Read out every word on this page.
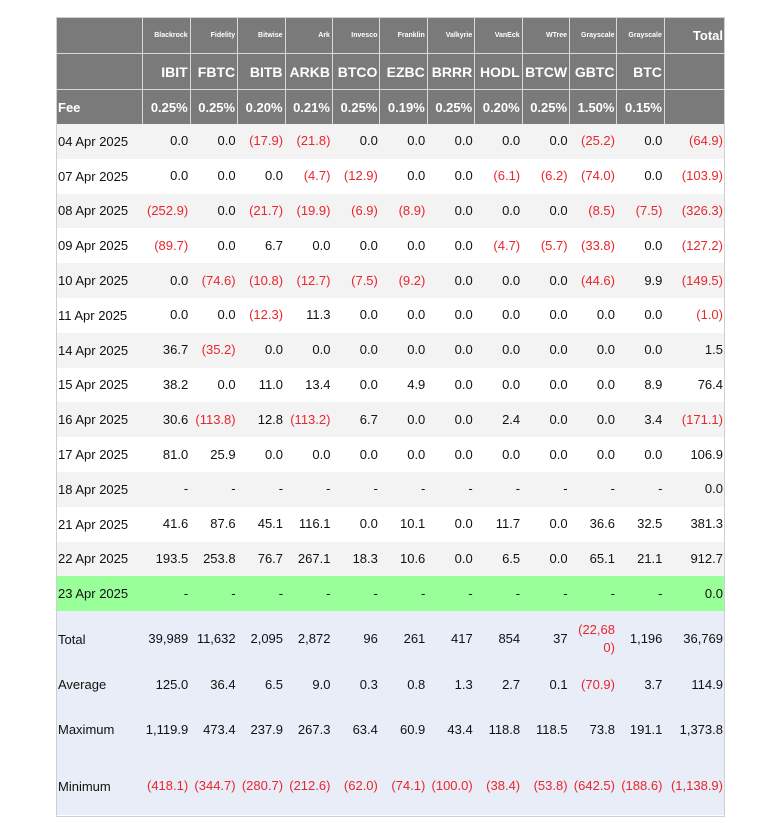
	Blackrock	Fidelity	Bitwise	Ark	Invesco	Franklin	Valkyrie	VanEck	WTree	Grayscale	Grayscale	Total
	IBIT	FBTC	BITB	ARKB	BTCO	EZBC	BRRR	HODL	BTCW	GBTC	BTC	
Fee	0.25%	0.25%	0.20%	0.21%	0.25%	0.19%	0.25%	0.20%	0.25%	1.50%	0.15%	
04 Apr 2025	0.0	0.0	(17.9)	(21.8)	0.0	0.0	0.0	0.0	0.0	(25.2)	0.0	(64.9)
07 Apr 2025	0.0	0.0	0.0	(4.7)	(12.9)	0.0	0.0	(6.1)	(6.2)	(74.0)	0.0	(103.9)
08 Apr 2025	(252.9)	0.0	(21.7)	(19.9)	(6.9)	(8.9)	0.0	0.0	0.0	(8.5)	(7.5)	(326.3)
09 Apr 2025	(89.7)	0.0	6.7	0.0	0.0	0.0	0.0	(4.7)	(5.7)	(33.8)	0.0	(127.2)
10 Apr 2025	0.0	(74.6)	(10.8)	(12.7)	(7.5)	(9.2)	0.0	0.0	0.0	(44.6)	9.9	(149.5)
11 Apr 2025	0.0	0.0	(12.3)	11.3	0.0	0.0	0.0	0.0	0.0	0.0	0.0	(1.0)
14 Apr 2025	36.7	(35.2)	0.0	0.0	0.0	0.0	0.0	0.0	0.0	0.0	0.0	1.5
15 Apr 2025	38.2	0.0	11.0	13.4	0.0	4.9	0.0	0.0	0.0	0.0	8.9	76.4
16 Apr 2025	30.6	(113.8)	12.8	(113.2)	6.7	0.0	0.0	2.4	0.0	0.0	3.4	(171.1)
17 Apr 2025	81.0	25.9	0.0	0.0	0.0	0.0	0.0	0.0	0.0	0.0	0.0	106.9
18 Apr 2025	-	-	-	-	-	-	-	-	-	-	-	0.0
21 Apr 2025	41.6	87.6	45.1	116.1	0.0	10.1	0.0	11.7	0.0	36.6	32.5	381.3
22 Apr 2025	193.5	253.8	76.7	267.1	18.3	10.6	0.0	6.5	0.0	65.1	21.1	912.7
23 Apr 2025	-	-	-	-	-	-	-	-	-	-	-	0.0
Total	39,989	11,632	2,095	2,872	96	261	417	854	37	(22,680)	1,196	36,769
Average	125.0	36.4	6.5	9.0	0.3	0.8	1.3	2.7	0.1	(70.9)	3.7	114.9
Maximum	1,119.9	473.4	237.9	267.3	63.4	60.9	43.4	118.8	118.5	73.8	191.1	1,373.8
Minimum	(418.1)	(344.7)	(280.7)	(212.6)	(62.0)	(74.1)	(100.0)	(38.4)	(53.8)	(642.5)	(188.6)	(1,138.9)
